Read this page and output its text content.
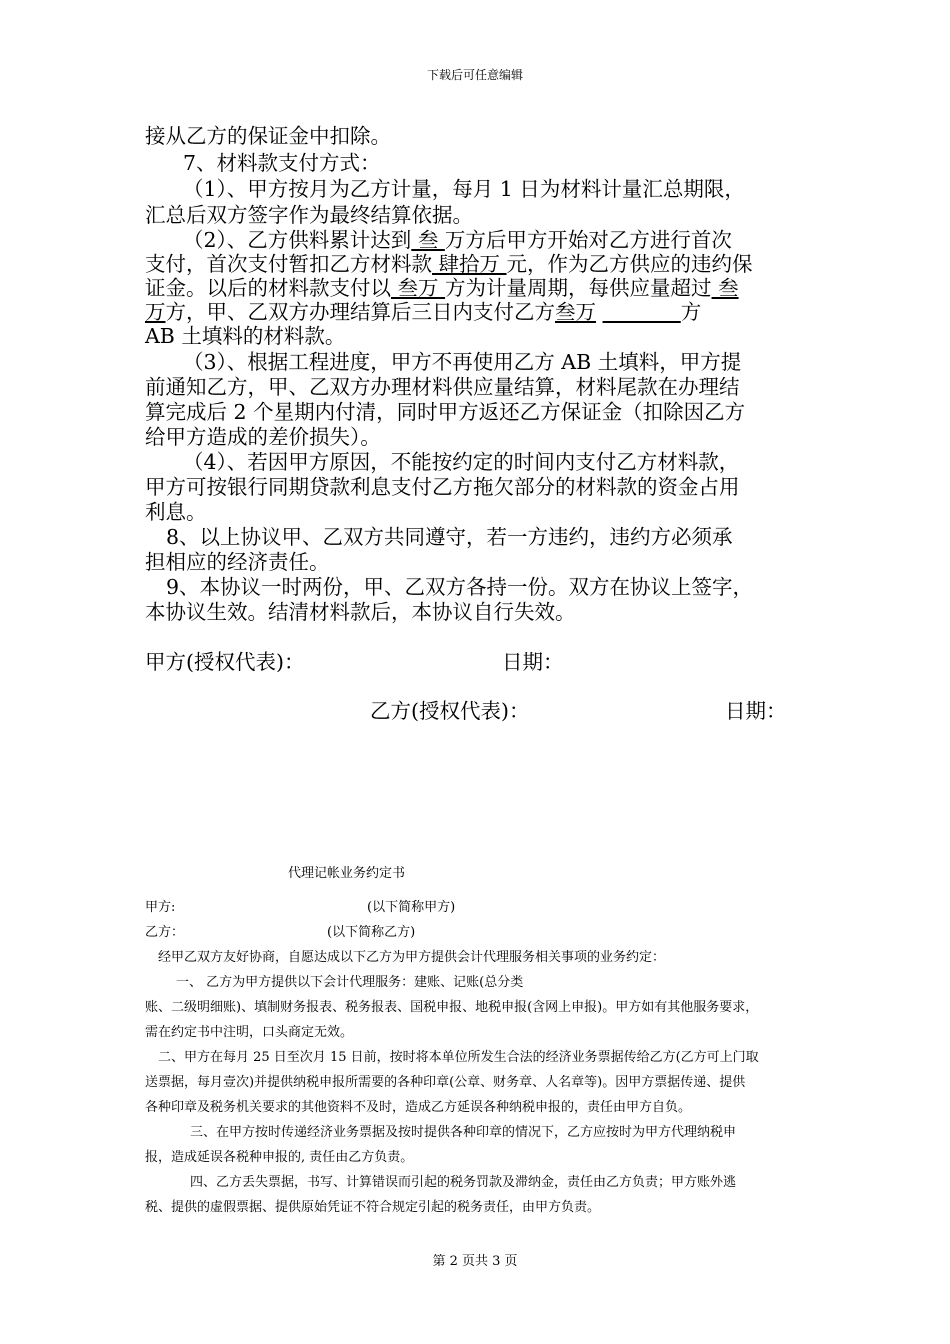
下载后可任意编辑
接从乙方的保证金中扣除。
7、材料款支付方式：
（1）、甲方按月为乙方计量，每月 1 日为材料计量汇总期限，
汇总后双方签字作为最终结算依据。
（2）、乙方供料累计达到 叁 万方后甲方开始对乙方进行首次
支付，首次支付暂扣乙方材料款 肆拾万 元，作为乙方供应的违约保
证金。以后的材料款支付以 叁万 方为计量周期，每供应量超过 叁
万方，甲、乙双方办理结算后三日内支付乙方叁万	方
AB 土填料的材料款。
（3）、根据工程进度，甲方不再使用乙方 AB 土填料，甲方提
前通知乙方，甲、乙双方办理材料供应量结算，材料尾款在办理结
算完成后 2 个星期内付清，同时甲方返还乙方保证金（扣除因乙方
给甲方造成的差价损失）。
（4）、若因甲方原因，不能按约定的时间内支付乙方材料款，
甲方可按银行同期贷款利息支付乙方拖欠部分的材料款的资金占用
利息。
8、以上协议甲、乙双方共同遵守，若一方违约，违约方必须承
担相应的经济责任。
9、本协议一时两份，甲、乙双方各持一份。双方在协议上签字，
本协议生效。结清材料款后，本协议自行失效。
甲方(授权代表)：	日期：
乙方(授权代表)：	日期：
代理记帐业务约定书
甲方:	(以下简称甲方)
乙方：	(以下简称乙方)
经甲乙双方友好协商，自愿达成以下乙方为甲方提供会计代理服务相关事项的业务约定：
一、 乙方为甲方提供以下会计代理服务：建账、记账(总分类
账、二级明细账)、填制财务报表、税务报表、国税申报、地税申报(含网上申报)。甲方如有其他服务要求，
需在约定书中注明，口头商定无效。
二、甲方在每月 25 日至次月 15 日前，按时将本单位所发生合法的经济业务票据传给乙方(乙方可上门取
送票据，每月壹次)并提供纳税申报所需要的各种印章(公章、财务章、人名章等)。因甲方票据传递、提供
各种印章及税务机关要求的其他资料不及时，造成乙方延误各种纳税申报的，责任由甲方自负。
三、在甲方按时传递经济业务票据及按时提供各种印章的情况下，乙方应按时为甲方代理纳税申
报，造成延误各税种申报的, 责任由乙方负责。
四、乙方丢失票据，书写、计算错误而引起的税务罚款及滞纳金，责任由乙方负责；甲方账外逃
税、提供的虚假票据、提供原始凭证不符合规定引起的税务责任，由甲方负责。
第 2 页共 3 页
